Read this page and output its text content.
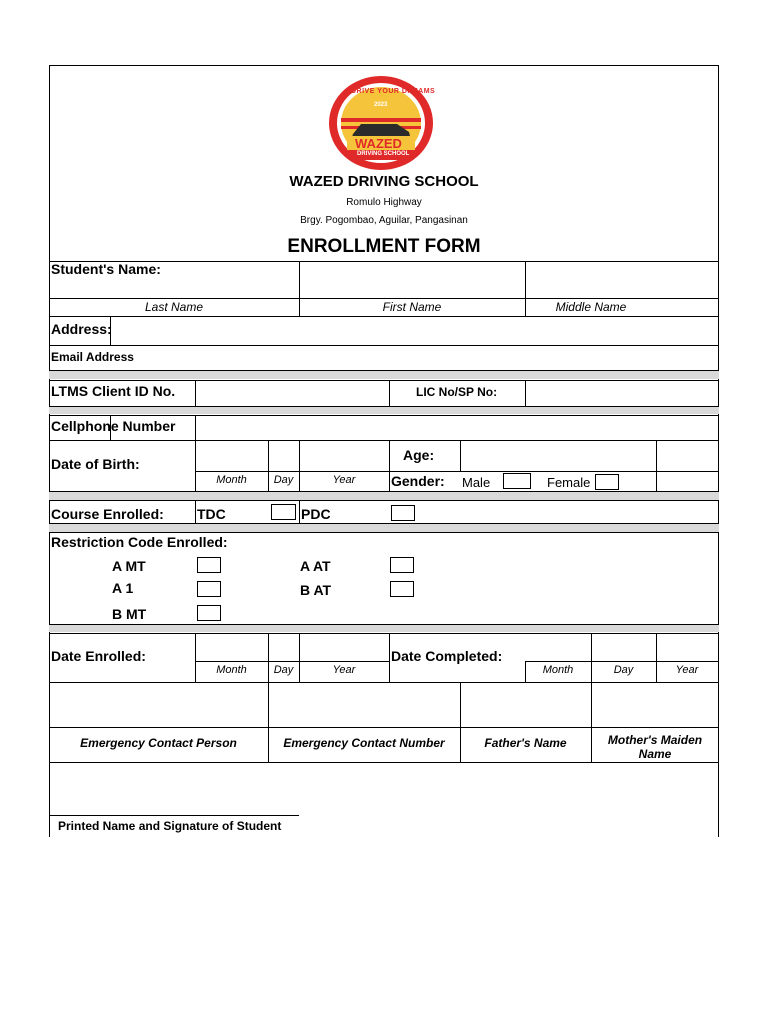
DRIVE YOUR DREAMS
2023
WAZED
DRIVING SCHOOL
WAZED DRIVING SCHOOL
Romulo Highway
Brgy. Pogombao, Aguilar, Pangasinan
ENROLLMENT FORM
Student's Name:
Last Name	First Name	Middle Name
Address:
Email Address
LTMS Client ID No.	LIC No/SP No:
Cellphone Number
Date of Birth:
Month	Day	Year
Age:
Gender: Male	Female
Course Enrolled: TDC	PDC
Restriction Code Enrolled:
A MT
A 1
B MT
A AT
B AT
Date Enrolled:
Month	Day	Year
Date Completed:
Month	Day	Year
Emergency Contact Person	Emergency Contact Number	Father's Name	Mother's Maiden Name
Printed Name and Signature of Student
